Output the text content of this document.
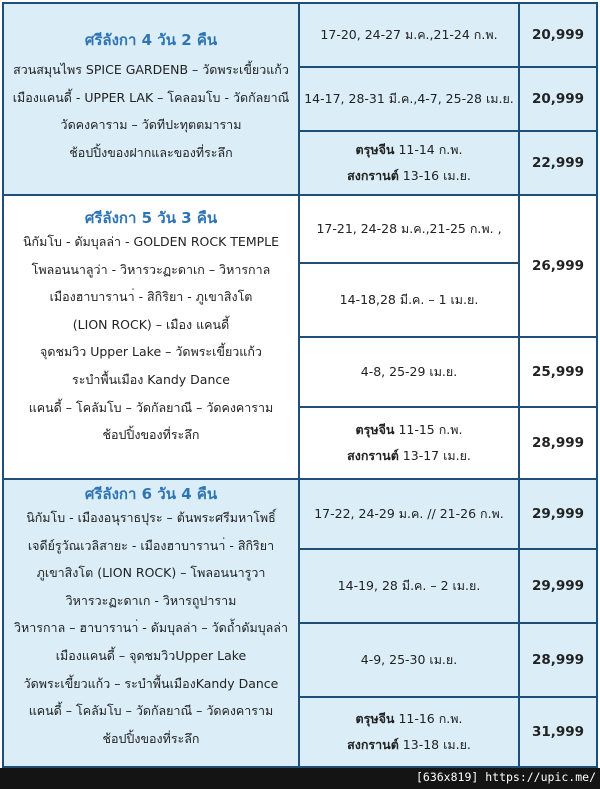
ศรีลังกา 4 วัน 2 คืน
สวนสมุนไพร SPICE GARDENB – วัดพระเขี้ยวแก้ว
เมืองแคนดี้ - UPPER LAK – โคลอมโบ - วัดกัลยาณี
วัดคงคาราม – วัดทีปะทุตตมาราม
ช้อปปิ้งของฝากและของที่ระลึก
17-20, 24-27 ม.ค.,21-24 ก.พ.	20,999
14-17, 28-31 มี.ค.,4-7, 25-28 เม.ย. 20,999
ตรุษจีน 11-14 ก.พ.
สงกรานต์ 13-16 เม.ย.
22,999
ศรีลังกา 5 วัน 3 คืน
นิกัมโบ - ดัมบุลล่า - GOLDEN ROCK TEMPLE
โพลอนนาลูว่า - วิหารวะฏะดาเก – วิหารกาล
เมืองฮาบารานา่ - สิกิริยา - ภูเขาสิงโต
(LION ROCK) – เมือง แคนดี้
จุดชมวิว Upper Lake – วัดพระเขี้ยวแก้ว
ระบำพื้นเมือง Kandy Dance
แคนดี้ – โคลัมโบ – วัดกัลยาณี – วัดคงคาราม
ช้อปปิ้งของที่ระลึก
17-21, 24-28 ม.ค.,21-25 ก.พ. ,
14-18,28 มี.ค. – 1 เม.ย.
26,999
4-8, 25-29 เม.ย.	25,999
ตรุษจีน 11-15 ก.พ.
สงกรานต์ 13-17 เม.ย.
28,999
ศรีลังกา 6 วัน 4 คืน
นิกัมโบ - เมืองอนุราธปุระ – ต้นพระศรีมหาโพธิ์
เจดีย์รูวัณเวลิสายะ - เมืองฮาบารานา่ - สิกิริยา
ภูเขาสิงโต (LION ROCK) – โพลอนนารูวา
วิหารวะฏะดาเก - วิหารถูปาราม
วิหารกาล – ฮาบารานา่ - ดัมบุลล่า – วัดถ้ำดัมบุลล่า
เมืองแคนดี้ – จุดชมวิวUpper Lake
วัดพระเขี้ยวแก้ว – ระบำพื้นเมืองKandy Dance
แคนดี้ – โคลัมโบ – วัดกัลยาณี – วัดคงคาราม
ช้อปปิ้งของที่ระลึก
17-22, 24-29 ม.ค. // 21-26 ก.พ. 29,999
14-19, 28 มี.ค. – 2 เม.ย.	29,999
4-9, 25-30 เม.ย.	28,999
ตรุษจีน 11-16 ก.พ.
สงกรานต์ 13-18 เม.ย.
31,999
[636x819] https://upic.me/
